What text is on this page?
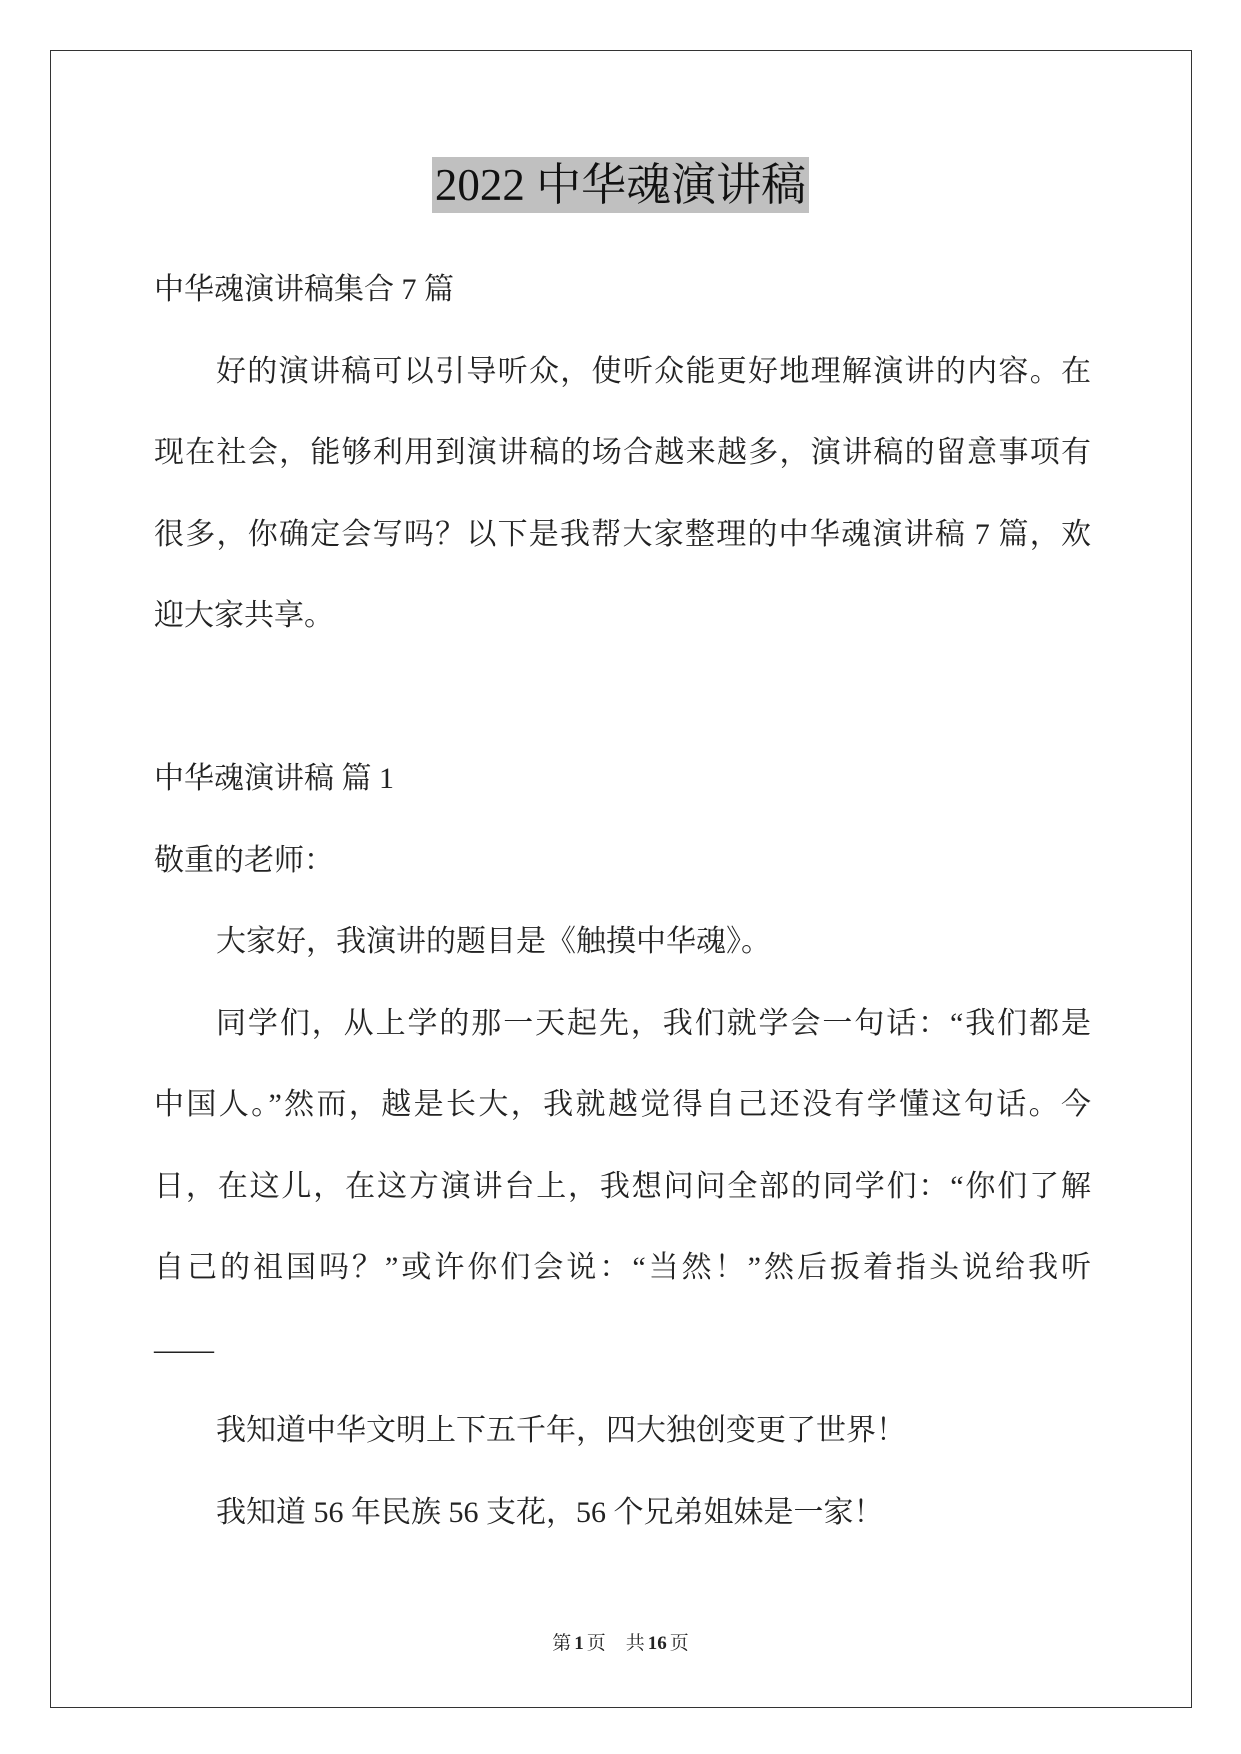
2022 中华魂演讲稿
中华魂演讲稿集合 7 篇
好的演讲稿可以引导听众，使听众能更好地理解演讲的内容。在
现在社会，能够利用到演讲稿的场合越来越多，演讲稿的留意事项有
很多，你确定会写吗？以下是我帮大家整理的中华魂演讲稿 7 篇，欢
迎大家共享。
中华魂演讲稿 篇 1
敬重的老师：
大家好，我演讲的题目是《触摸中华魂》。
同学们，从上学的那一天起先，我们就学会一句话：“我们都是
中国人。”然而，越是长大，我就越觉得自己还没有学懂这句话。今
日，在这儿，在这方演讲台上，我想问问全部的同学们：“你们了解
自己的祖国吗？”或许你们会说：“当然！”然后扳着指头说给我听
——
我知道中华文明上下五千年，四大独创变更了世界！
我知道 56 年民族 56 支花，56 个兄弟姐妹是一家！
第 1 页 共 16 页
